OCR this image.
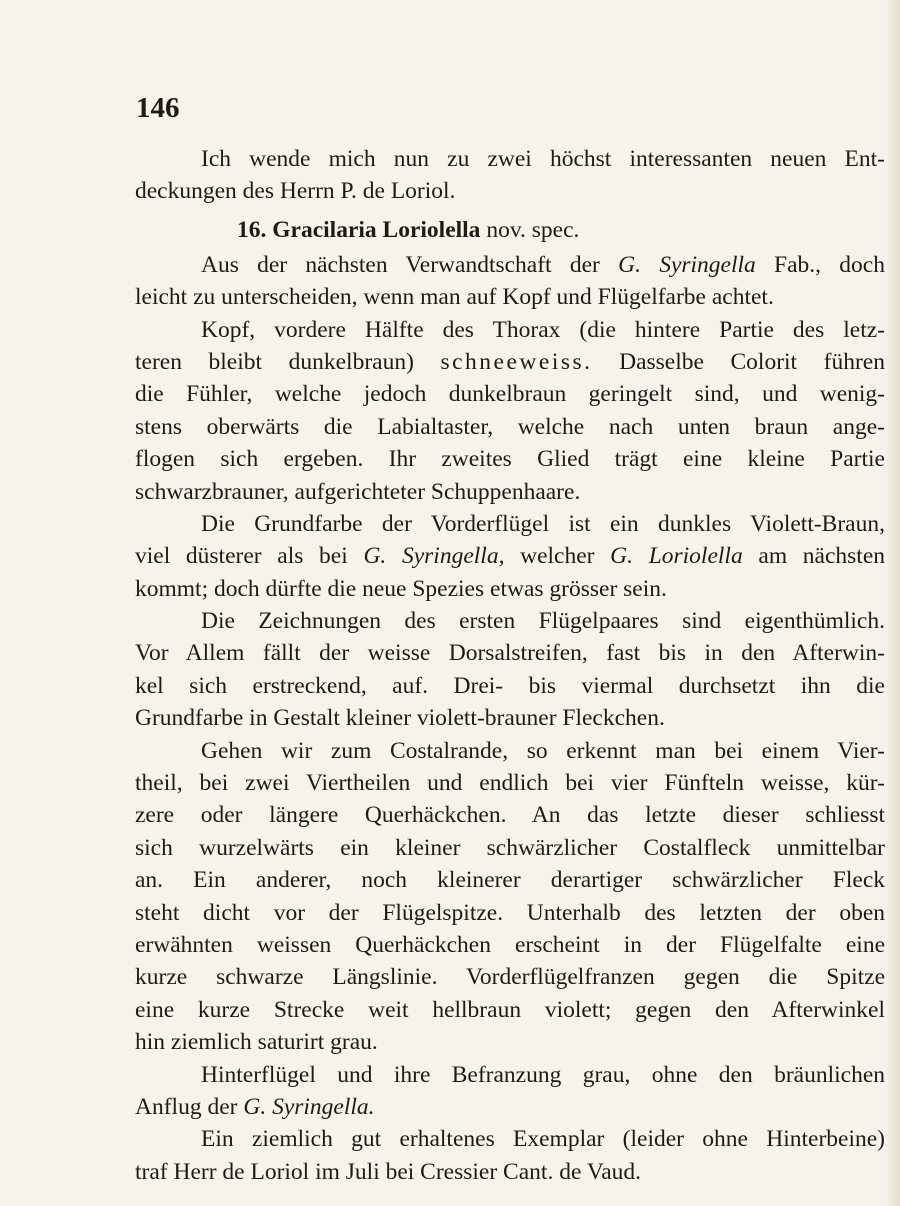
146
Ich wende mich nun zu zwei höchst interessanten neuen Ent-
deckungen des Herrn P. de Loriol.
16. Gracilaria Loriolella nov. spec.
Aus der nächsten Verwandtschaft der G. Syringella Fab., doch
leicht zu unterscheiden, wenn man auf Kopf und Flügelfarbe achtet.
Kopf, vordere Hälfte des Thorax (die hintere Partie des letz-
teren bleibt dunkelbraun) schneeweiss. Dasselbe Colorit führen
die Fühler, welche jedoch dunkelbraun geringelt sind, und wenig-
stens oberwärts die Labialtaster, welche nach unten braun ange-
flogen sich ergeben. Ihr zweites Glied trägt eine kleine Partie
schwarzbrauner, aufgerichteter Schuppenhaare.
Die Grundfarbe der Vorderflügel ist ein dunkles Violett-Braun,
viel düsterer als bei G. Syringella, welcher G. Loriolella am nächsten
kommt; doch dürfte die neue Spezies etwas grösser sein.
Die Zeichnungen des ersten Flügelpaares sind eigenthümlich.
Vor Allem fällt der weisse Dorsalstreifen, fast bis in den Afterwin-
kel sich erstreckend, auf. Drei- bis viermal durchsetzt ihn die
Grundfarbe in Gestalt kleiner violett-brauner Fleckchen.
Gehen wir zum Costalrande, so erkennt man bei einem Vier-
theil, bei zwei Viertheilen und endlich bei vier Fünfteln weisse, kür-
zere oder längere Querhäckchen. An das letzte dieser schliesst
sich wurzelwärts ein kleiner schwärzlicher Costalfleck unmittelbar
an. Ein anderer, noch kleinerer derartiger schwärzlicher Fleck
steht dicht vor der Flügelspitze. Unterhalb des letzten der oben
erwähnten weissen Querhäckchen erscheint in der Flügelfalte eine
kurze schwarze Längslinie. Vorderflügelfranzen gegen die Spitze
eine kurze Strecke weit hellbraun violett; gegen den Afterwinkel
hin ziemlich saturirt grau.
Hinterflügel und ihre Befranzung grau, ohne den bräunlichen
Anflug der G. Syringella.
Ein ziemlich gut erhaltenes Exemplar (leider ohne Hinterbeine)
traf Herr de Loriol im Juli bei Cressier Cant. de Vaud.
